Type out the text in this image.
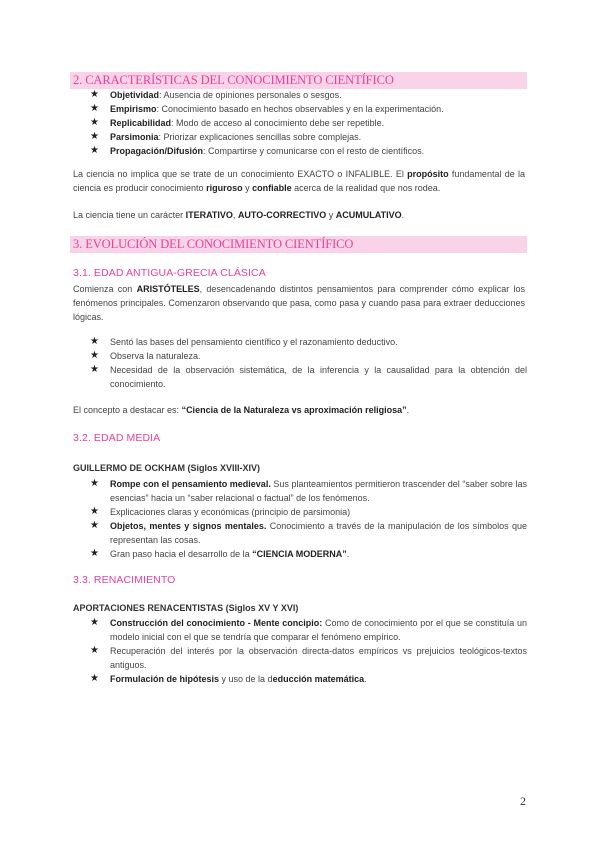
2. CARACTERÍSTICAS DEL CONOCIMIENTO CIENTÍFICO
★	Objetividad: Ausencia de opiniones personales o sesgos.
★	Empirismo: Conocimiento basado en hechos observables y en la experimentación.
★	Replicabilidad: Modo de acceso al conocimiento debe ser repetible.
★	Parsimonia: Priorizar explicaciones sencillas sobre complejas.
★	Propagación/Difusión: Compartirse y comunicarse con el resto de científicos.
La ciencia no implica que se trate de un conocimiento EXACTO o INFALIBLE. El propósito fundamental de la ciencia es producir conocimiento riguroso y confiable acerca de la realidad que nos rodea.
La ciencia tiene un carácter ITERATIVO, AUTO-CORRECTIVO y ACUMULATIVO.
3. EVOLUCIÓN DEL CONOCIMIENTO CIENTÍFICO
3.1. EDAD ANTIGUA-GRECIA CLÁSICA
Comienza con ARISTÓTELES, desencadenando distintos pensamientos para comprender cómo explicar los fenómenos principales. Comenzaron observando que pasa, como pasa y cuando pasa para extraer deducciones lógicas.
★	Sentó las bases del pensamiento científico y el razonamiento deductivo.
★	Observa la naturaleza.
★	Necesidad de la observación sistemática, de la inferencia y la causalidad para la obtención del conocimiento.
El concepto a destacar es: “Ciencia de la Naturaleza vs aproximación religiosa”.
3.2. EDAD MEDIA
GUILLERMO DE OCKHAM (Siglos XVIII-XIV)
★	Rompe con el pensamiento medieval. Sus planteamientos permitieron trascender del “saber sobre las esencias” hacia un “saber relacional o factual” de los fenómenos.
★	Explicaciones claras y económicas (principio de parsimonia)
★	Objetos, mentes y signos mentales. Conocimiento a través de la manipulación de los símbolos que representan las cosas.
★	Gran paso hacia el desarrollo de la “CIENCIA MODERNA”.
3.3. RENACIMIENTO
APORTACIONES RENACENTISTAS (Siglos XV Y XVI)
★	Construcción del conocimiento - Mente concipio: Como de conocimiento por el que se constituía un modelo inicial con el que se tendría que comparar el fenómeno empírico.
★	Recuperación del interés por la observación directa-datos empíricos vs prejuicios teológicos-textos antiguos.
★	Formulación de hipótesis y uso de la deducción matemática.
2
